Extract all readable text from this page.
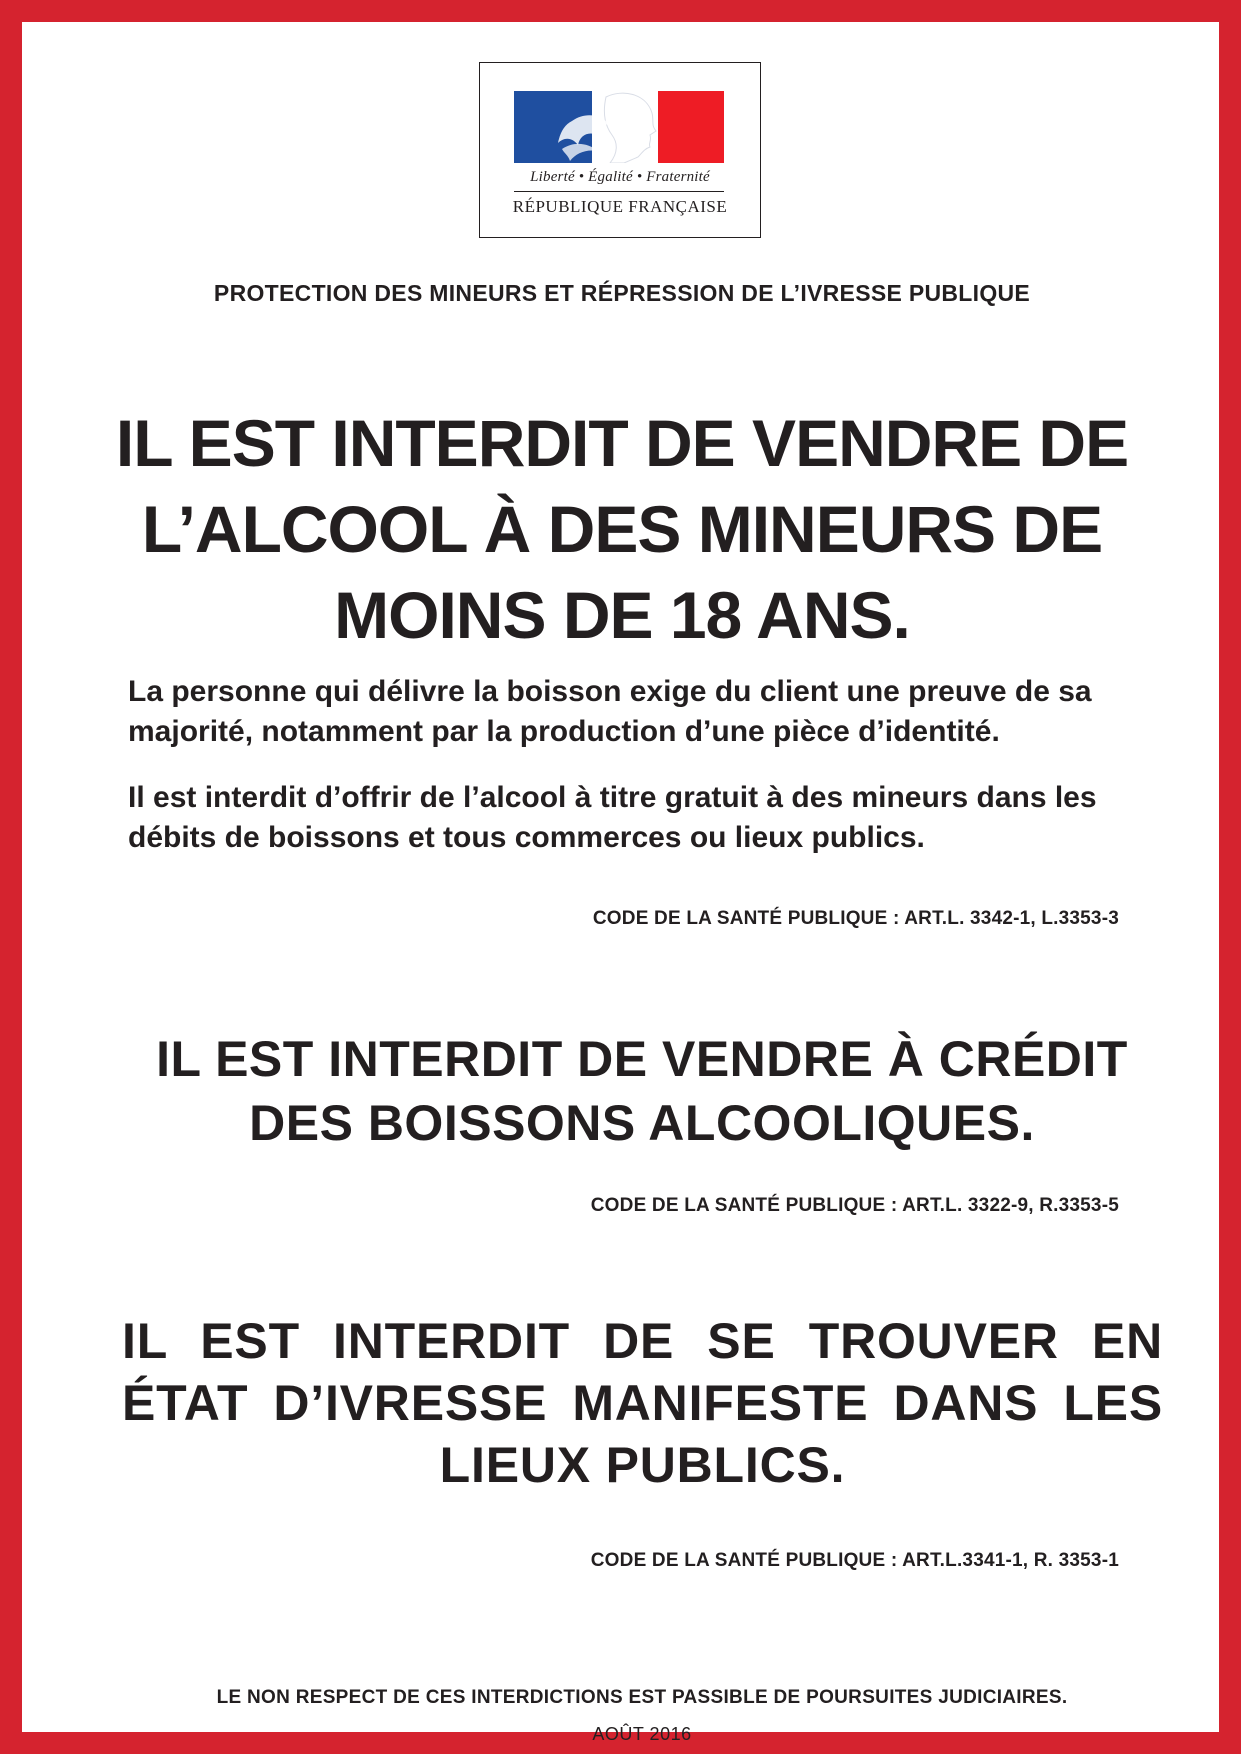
Liberté • Égalité • Fraternité
RÉPUBLIQUE FRANÇAISE
PROTECTION DES MINEURS ET RÉPRESSION DE L’IVRESSE PUBLIQUE
IL EST INTERDIT DE VENDRE DE L’ALCOOL À DES MINEURS DE MOINS DE 18 ANS.

La personne qui délivre la boisson exige du client une preuve de sa majorité, notamment par la production d’une pièce d’identité.

Il est interdit d’offrir de l’alcool à titre gratuit à des mineurs dans les débits de boissons et tous commerces ou lieux publics.

CODE DE LA SANTÉ PUBLIQUE : ART.L. 3342-1, L.3353-3
IL EST INTERDIT DE VENDRE À CRÉDIT DES BOISSONS ALCOOLIQUES.
CODE DE LA SANTÉ PUBLIQUE : ART.L. 3322-9, R.3353-5
IL EST INTERDIT DE SE TROUVER EN ÉTAT D’IVRESSE MANIFESTE DANS LES LIEUX PUBLICS.
CODE DE LA SANTÉ PUBLIQUE : ART.L.3341-1, R. 3353-1
LE NON RESPECT DE CES INTERDICTIONS EST PASSIBLE DE POURSUITES JUDICIAIRES.
AOÛT 2016
